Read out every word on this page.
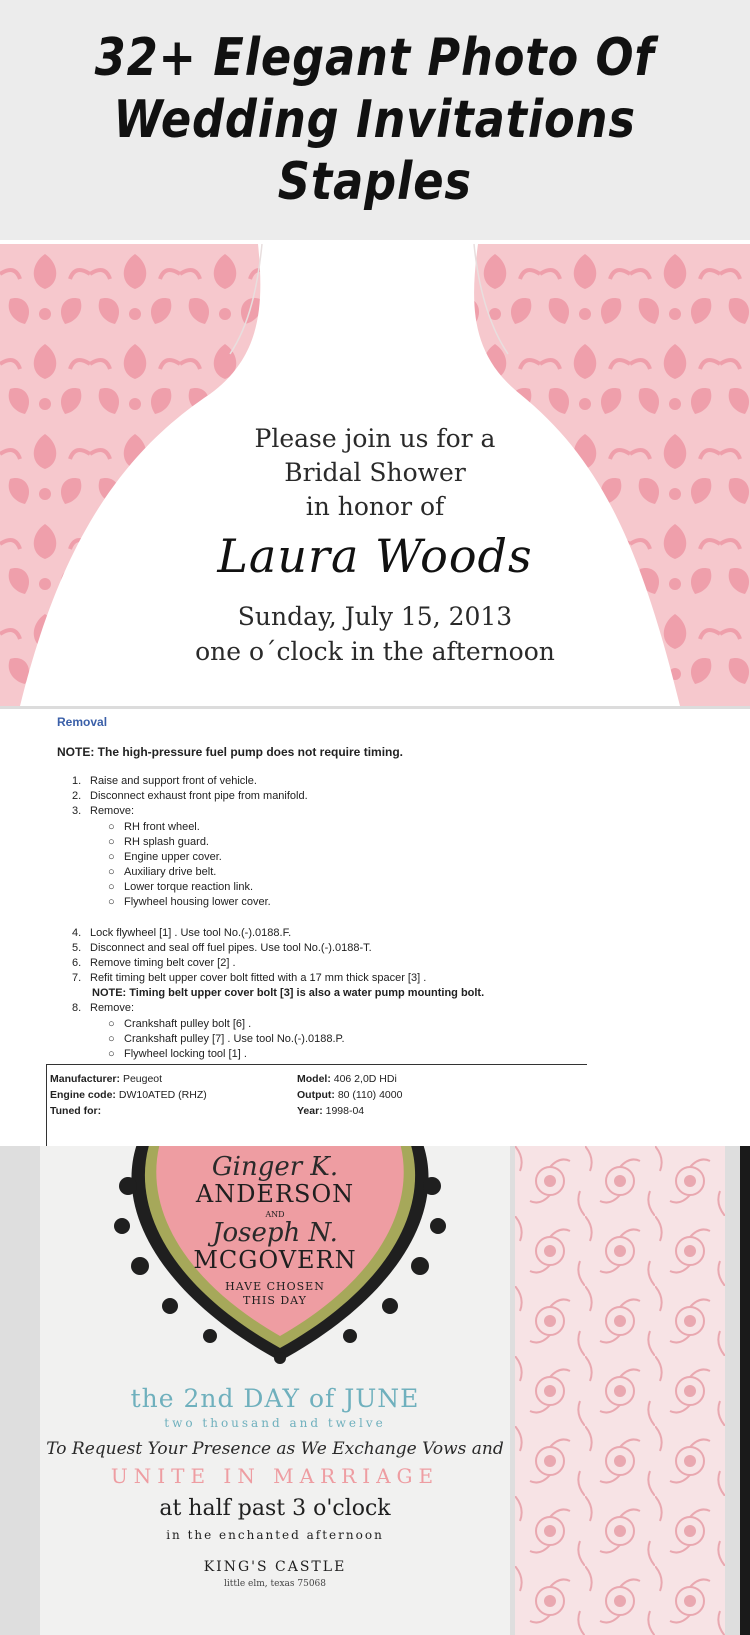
32+ Elegant Photo Of
Wedding Invitations
Staples
Please join us for a
Bridal Shower
in honor of
Laura Woods
Sunday, July 15, 2013
one o´clock in the afternoon
Removal
NOTE: The high-pressure fuel pump does not require timing.
1. Raise and support front of vehicle.
2. Disconnect exhaust front pipe from manifold.
3. Remove:
○ RH front wheel.
○ RH splash guard.
○ Engine upper cover.
○ Auxiliary drive belt.
○ Lower torque reaction link.
○ Flywheel housing lower cover.
4. Lock flywheel [1] . Use tool No.(-).0188.F.
5. Disconnect and seal off fuel pipes. Use tool No.(-).0188-T.
6. Remove timing belt cover [2] .
7. Refit timing belt upper cover bolt fitted with a 17 mm thick spacer [3] .
NOTE: Timing belt upper cover bolt [3] is also a water pump mounting bolt.
8. Remove:
○ Crankshaft pulley bolt [6] .
○ Crankshaft pulley [7] . Use tool No.(-).0188.P.
○ Flywheel locking tool [1] .
Manufacturer: Peugeot
Engine code: DW10ATED (RHZ)
Tuned for:
Model: 406 2,0D HDi
Output: 80 (110) 4000
Year: 1998-04
Ginger K.
ANDERSON
AND
Joseph N.
MCGOVERN
HAVE CHOSEN
THIS DAY
the 2nd DAY of JUNE
two thousand and twelve
To Request Your Presence as We Exchange Vows and
UNITE IN MARRIAGE
at half past 3 o'clock
in the enchanted afternoon
KING'S CASTLE
little elm, texas 75068
